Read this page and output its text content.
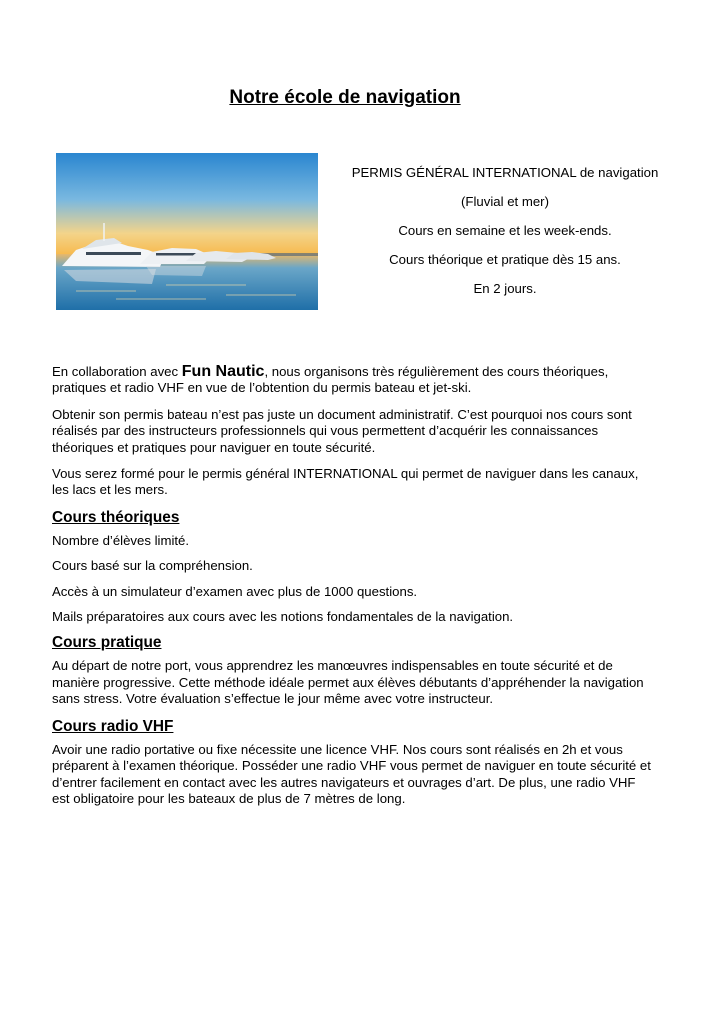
Notre école de navigation

PERMIS GÉNÉRAL INTERNATIONAL de navigation

(Fluvial et mer)

Cours en semaine et les week-ends.

Cours théorique et pratique dès 15 ans.

En 2 jours.

En collaboration avec Fun Nautic, nous organisons très régulièrement des cours théoriques, pratiques et radio VHF en vue de l’obtention du permis bateau et jet-ski.

Obtenir son permis bateau n’est pas juste un document administratif. C’est pourquoi nos cours sont réalisés par des instructeurs professionnels qui vous permettent d’acquérir les connaissances théoriques et pratiques pour naviguer en toute sécurité.

Vous serez formé pour le permis général INTERNATIONAL qui permet de naviguer dans les canaux, les lacs et les mers.

Cours théoriques

Nombre d’élèves limité.

Cours basé sur la compréhension.

Accès à un simulateur d’examen avec plus de 1000 questions.

Mails préparatoires aux cours avec les notions fondamentales de la navigation.

Cours pratique

Au départ de notre port, vous apprendrez les manœuvres indispensables en toute sécurité et de manière progressive. Cette méthode idéale permet aux élèves débutants d’appréhender la navigation sans stress. Votre évaluation s’effectue le jour même avec votre instructeur.

Cours radio VHF

Avoir une radio portative ou fixe nécessite une licence VHF. Nos cours sont réalisés en 2h et vous préparent à l’examen théorique. Posséder une radio VHF vous permet de naviguer en toute sécurité et d’entrer facilement en contact avec les autres navigateurs et ouvrages d’art. De plus, une radio VHF est obligatoire pour les bateaux de plus de 7 mètres de long.
